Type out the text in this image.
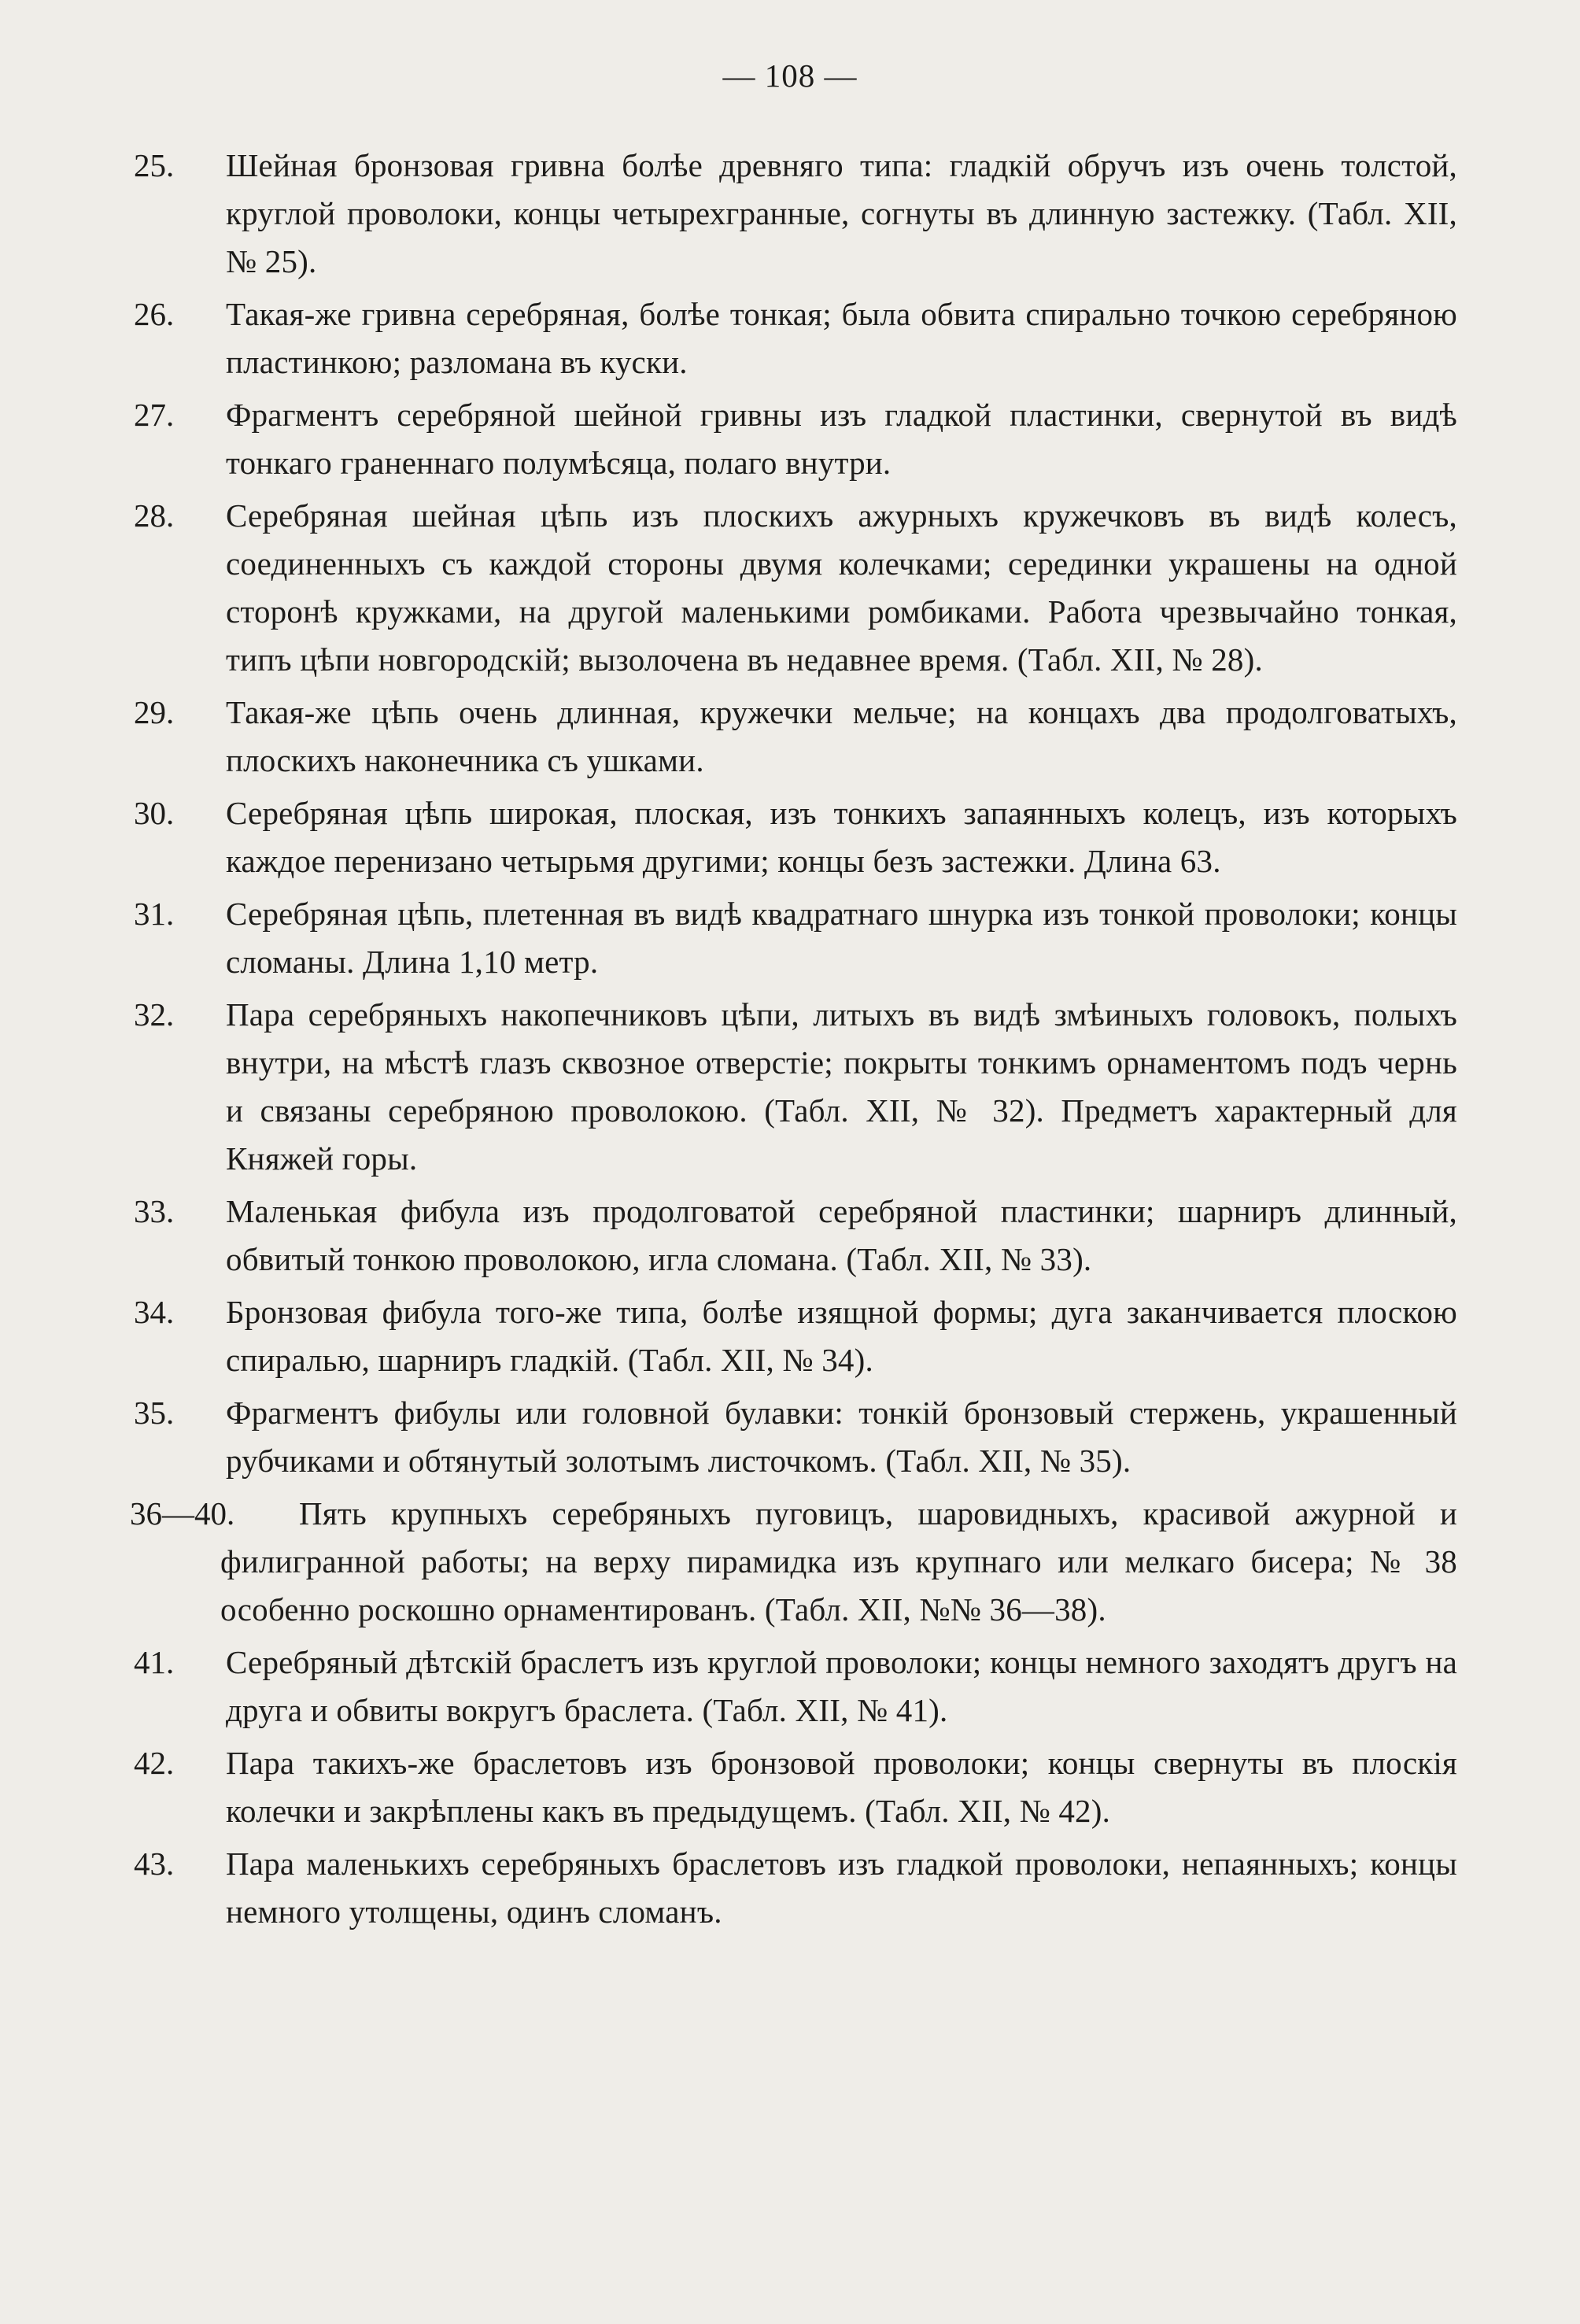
— 108 —
25. Шейная бронзовая гривна болѣе древняго типа: гладкій обручъ изъ очень толстой, круглой проволоки, концы четырехгранные, согнуты въ длинную застежку. (Табл. XII, № 25).
26. Такая-же гривна серебряная, болѣе тонкая; была обвита спирально точкою серебряною пластинкою; разломана въ куски.
27. Фрагментъ серебряной шейной гривны изъ гладкой пластинки, свернутой въ видѣ тонкаго граненнаго полумѣсяца, полаго внутри.
28. Серебряная шейная цѣпь изъ плоскихъ ажурныхъ кружечковъ въ видѣ колесъ, соединенныхъ съ каждой стороны двумя колечками; серединки украшены на одной сторонѣ кружками, на другой маленькими ромбиками. Работа чрезвычайно тонкая, типъ цѣпи новгородскій; вызолочена въ недавнее время. (Табл. XII, № 28).
29. Такая-же цѣпь очень длинная, кружечки мельче; на концахъ два продолговатыхъ, плоскихъ наконечника съ ушками.
30. Серебряная цѣпь широкая, плоская, изъ тонкихъ запаянныхъ колецъ, изъ которыхъ каждое перенизано четырьмя другими; концы безъ застежки. Длина 63.
31. Серебряная цѣпь, плетенная въ видѣ квадратнаго шнурка изъ тонкой проволоки; концы сломаны. Длина 1,10 метр.
32. Пара серебряныхъ накопечниковъ цѣпи, литыхъ въ видѣ змѣиныхъ головокъ, полыхъ внутри, на мѣстѣ глазъ сквозное отверстіе; покрыты тонкимъ орнаментомъ подъ чернь и связаны серебряною проволокою. (Табл. XII, № 32). Предметъ характерный для Княжей горы.
33. Маленькая фибула изъ продолговатой серебряной пластинки; шарниръ длинный, обвитый тонкою проволокою, игла сломана. (Табл. XII, № 33).
34. Бронзовая фибула того-же типа, болѣе изящной формы; дуга заканчивается плоскою спиралью, шарниръ гладкій. (Табл. XII, № 34).
35. Фрагментъ фибулы или головной булавки: тонкій бронзовый стержень, украшенный рубчиками и обтянутый золотымъ листочкомъ. (Табл. XII, № 35).
36—40.	Пять крупныхъ серебряныхъ пуговицъ, шаровидныхъ, красивой ажурной и филигранной работы; на верху пирамидка изъ крупнаго или мелкаго бисера; № 38 особенно роскошно орнаментированъ. (Табл. XII, №№ 36—38).
41. Серебряный дѣтскій браслетъ изъ круглой проволоки; концы немного заходятъ другъ на друга и обвиты вокругъ браслета. (Табл. XII, № 41).
42. Пара такихъ-же браслетовъ изъ бронзовой проволоки; концы свернуты въ плоскія колечки и закрѣплены какъ въ предыдущемъ. (Табл. XII, № 42).
43. Пара маленькихъ серебряныхъ браслетовъ изъ гладкой проволоки, непаянныхъ; концы немного утолщены, одинъ сломанъ.
